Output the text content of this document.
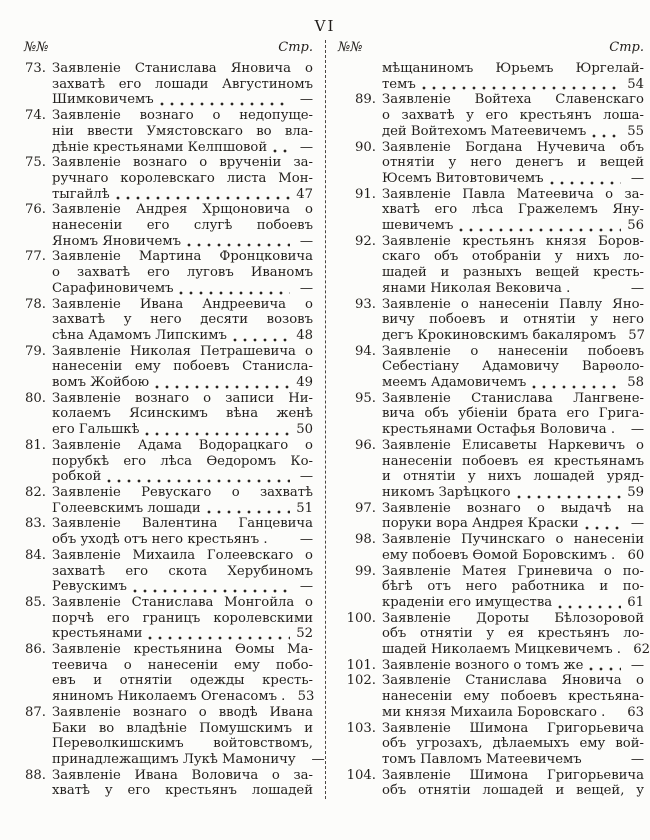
VI
№№	Стр.
73. Заявленіе Станислава Яновича о
захватѣ его лошади Августиномъ
Шимковичемъ	—
74. Заявленіе вознаго о недопуще-
ніи ввести Умястовскаго во вла-
дѣніе крестьянами Келпшовой	—
75. Заявленіе вознаго о врученіи за-
ручнаго королевскаго листа Мон-
тыгайлѣ	47
76. Заявленіе Андрея Хрщоновича о
нанесеніи его слугѣ побоевъ
Яномъ Яновичемъ	—
77. Заявленіе Мартина Фронцковича
о захватѣ его луговъ Иваномъ
Сарафиновичемъ	—
78. Заявленіе Ивана Андреевича о
захватѣ у него десяти возовъ
сѣна Адамомъ Липскимъ	48
79. Заявленіе Николая Петрашевича о
нанесеніи ему побоевъ Станисла-
вомъ Жойбою	49
80. Заявленіе вознаго о записи Ни-
колаемъ Ясинскимъ вѣна женѣ
его Гальшкѣ	50
81. Заявленіе Адама Водорацкаго о
порубкѣ его лѣса Ѳедоромъ Ко-
робкой	—
82. Заявленіе Ревускаго о захватѣ
Голеевскимъ лошади	51
83. Заявленіе Валентина Ганцевича
объ уходѣ отъ него крестьянъ .	—
84. Заявленіе Михаила Голеевскаго о
захватѣ его скота Херубиномъ
Ревускимъ	—
85. Заявленіе Станислава Монгойла о
порчѣ его границъ королевскими
крестьянами	52
86. Заявленіе крестьянина Ѳомы Ма-
теевича о нанесеніи ему побо-
евъ и отнятіи одежды кресть-
яниномъ Николаемъ Огенасомъ . 53
87. Заявленіе вознаго о вводѣ Ивана
Баки во владѣніе Помушскимъ и
Переволкишскимъ войтовствомъ,
принадлежащимъ Лукѣ Мамоничу	—
88. Заявленіе Ивана Воловича о за-
хватѣ у его крестьянъ лошадей
№№	Стр.
мѣщаниномъ Юрьемъ Юргелай-
темъ	54
89. Заявленіе Войтеха Славенскаго
о захватѣ у его крестьянъ лоша-
дей Войтехомъ Матеевичемъ	55
90. Заявленіе Богдана Нучевича объ
отнятіи у него денегъ и вещей
Юсемъ Витовтовичемъ	—
91. Заявленіе Павла Матеевича о за-
хватѣ его лѣса Гражелемъ Яну-
шевичемъ	56
92. Заявленіе крестьянъ князя Боров-
скаго объ отобраніи у нихъ ло-
шадей и разныхъ вещей кресть-
янами Николая Вековича .	—
93. Заявленіе о нанесеніи Павлу Яно-
вичу побоевъ и отнятіи у него
дегъ Крокиновскимъ бакаляромъ 57
94. Заявленіе о нанесеніи побоевъ
Себестіану Адамовичу Варѳоло-
меемъ Адамовичемъ	58
95. Заявленіе Станислава Лангвене-
вича объ убіеніи брата его Грига-
крестьянами Остафья Воловича .	—
96. Заявленіе Елисаветы Наркевичъ о
нанесеніи побоевъ ея крестьянамъ
и отнятіи у нихъ лошадей уряд-
никомъ Зарѣцкого	59
97. Заявленіе вознаго о выдачѣ на
поруки вора Андрея Краски	—
98. Заявленіе Пучинскаго о нанесеніи
ему побоевъ Ѳомой Боровскимъ . 60
99. Заявленіе Матея Гриневича о по-
бѣгѣ отъ него работника и по-
краденіи его имущества	61
100. Заявленіе Дороты Бѣлозоровой
объ отнятіи у ея крестьянъ ло-
шадей Николаемъ Мицкевичемъ . 62
101. Заявленіе возного о томъ же	—
102. Заявленіе Станислава Яновича о
нанесеніи ему побоевъ крестьяна-
ми князя Михаила Боровскаго . 63
103. Заявленіе Шимона Григорьевича
объ угрозахъ, дѣлаемыхъ ему вой-
томъ Павломъ Матеевичемъ	—
104. Заявленіе Шимона Григорьевича
объ отнятіи лошадей и вещей, у
